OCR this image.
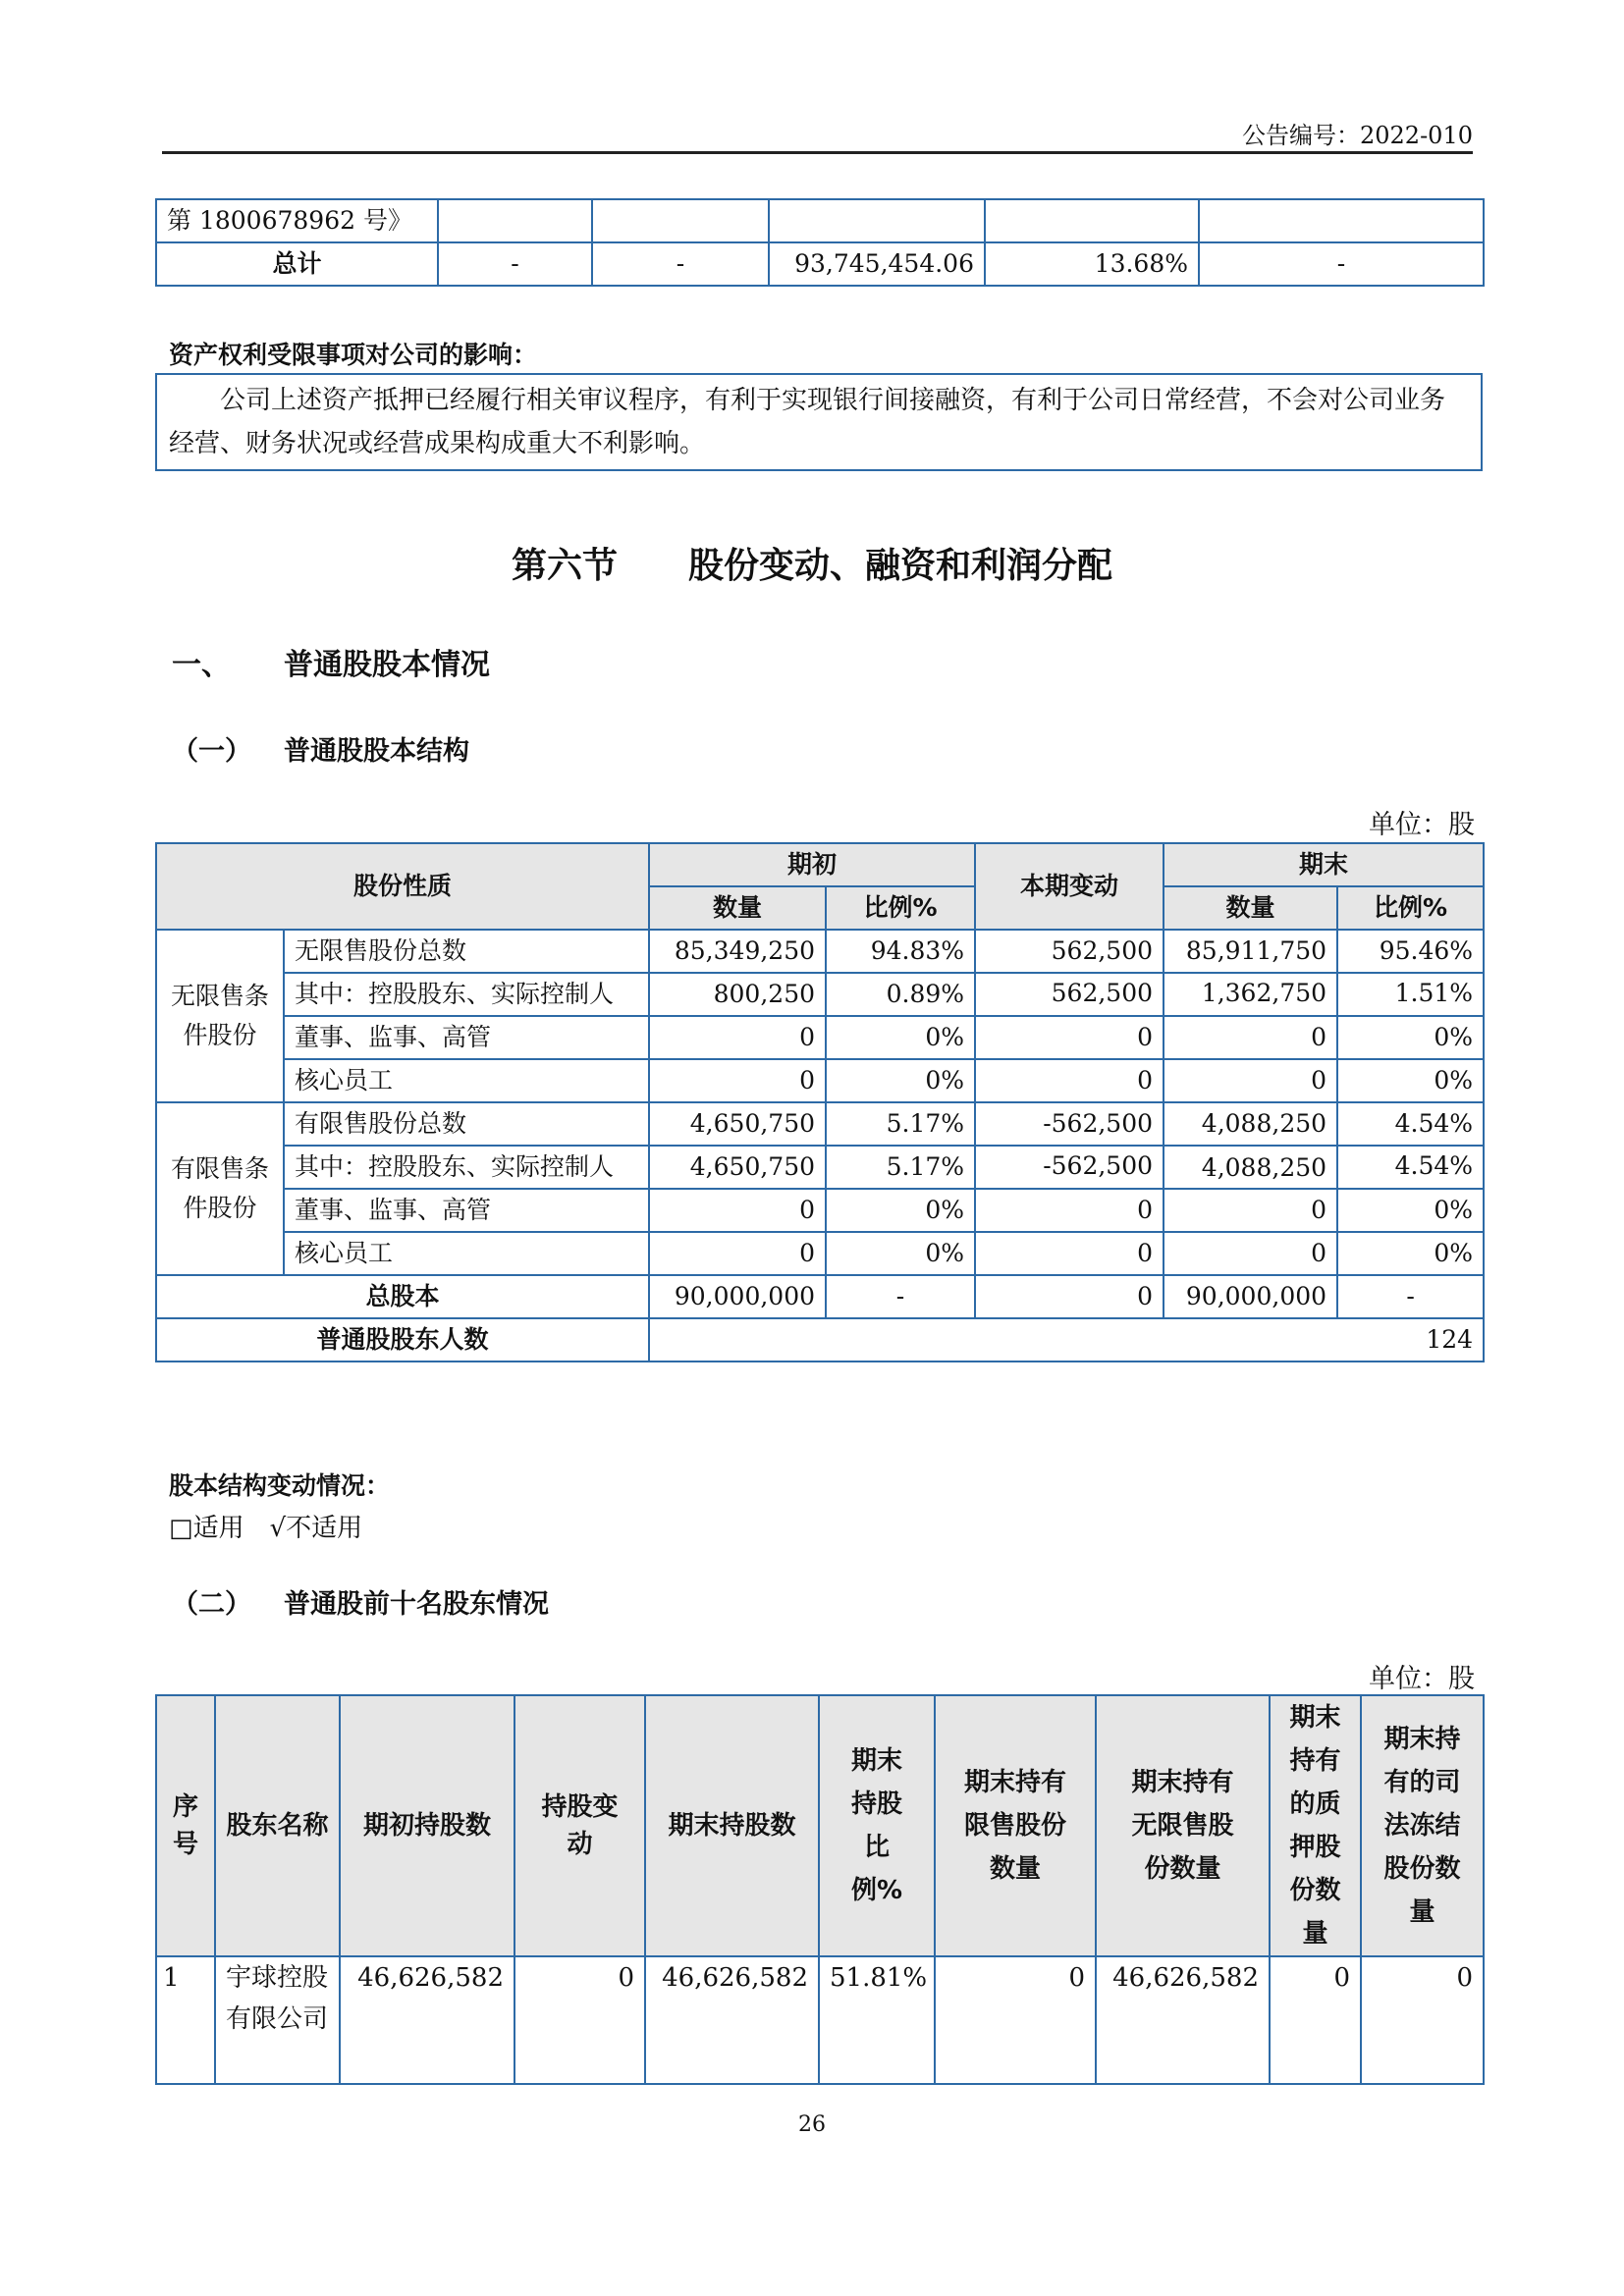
公告编号：2022-010
第 1800678962 号》					
总计	-	-	93,745,454.06	13.68%	-
资产权利受限事项对公司的影响：
公司上述资产抵押已经履行相关审议程序，有利于实现银行间接融资，有利于公司日常经营，不会对公司业务经营、财务状况或经营成果构成重大不利影响。
第六节　　股份变动、融资和利润分配
一、 普通股股本情况
（一） 普通股股本结构
单位：股
股份性质		期初		本期变动	期末	
		数量	比例%		数量	比例%
无限售条件股份	无限售股份总数	85,349,250	94.83%	562,500	85,911,750	95.46%
	其中：控股股东、实际控制人	800,250	0.89%	562,500	1,362,750	1.51%

	董事、监事、高管	0	0%	0	0	0%
	核心员工	0	0%	0	0	0%
有限售条件股份	有限售股份总数	4,650,750	5.17%	-562,500	4,088,250	4.54%
	其中：控股股东、实际控制人	4,650,750	5.17%	-562,500	4,088,250	4.54%

	董事、监事、高管	0	0%	0	0	0%
	核心员工	0	0%	0	0	0%
总股本		90,000,000	-	0	90,000,000	-
普通股股东人数		124				
股本结构变动情况：
□适用　√不适用
（二） 普通股前十名股东情况
单位：股
序号	股东名称	期初持股数	持股变动	期末持股数	期末持股比例%	期末持有限售股份数量	期末持有无限售股份数量	期末持有的质押股份数量	期末持有的司法冻结股份数量
1	宇球控股有限公司	46,626,582	0	46,626,582	51.81%	0	46,626,582	0	0
26
